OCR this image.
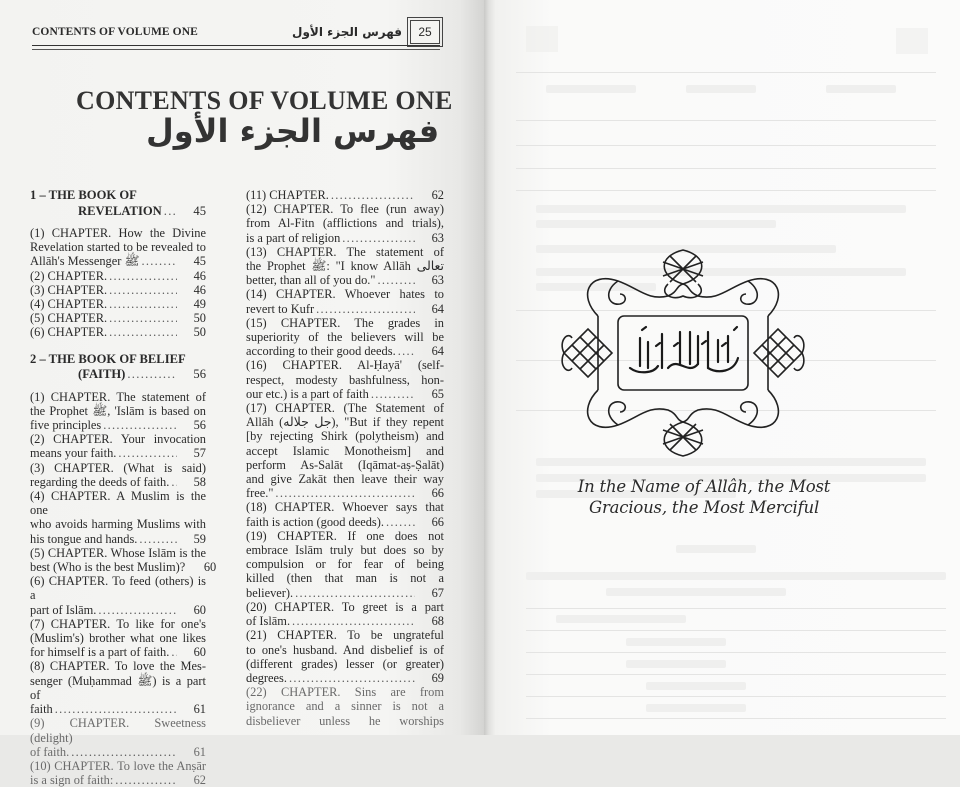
CONTENTS OF VOLUME ONE	فهرس الجزء الأول	25
CONTENTS OF VOLUME ONE
فهرس الجزء الأول
1 – THE BOOK OF
REVELATION .....	45
(1) CHAPTER. How the Divine
Revelation started to be revealed to
Allāh's Messenger ﷺ .....	45
(2) CHAPTER. .....	46
(3) CHAPTER. .....	46
(4) CHAPTER. .....	49
(5) CHAPTER. .....	50
(6) CHAPTER. .....	50
2 – THE BOOK OF BELIEF
(FAITH) .....	56
(1) CHAPTER. The statement of
the Prophet ﷺ, 'Islām is based on
five principles .....	56
(2) CHAPTER. Your invocation
means your faith. .....	57
(3) CHAPTER. (What is said)
regarding the deeds of faith. .....	58
(4) CHAPTER. A Muslim is the one
who avoids harming Muslims with
his tongue and hands. .....	59
(5) CHAPTER. Whose Islām is the
best (Who is the best Muslim)?	60
(6) CHAPTER. To feed (others) is a
part of Islām. .....	60
(7) CHAPTER. To like for one's
(Muslim's) brother what one likes
for himself is a part of faith. .....	60
(8) CHAPTER. To love the Mes-
senger (Muḥammad ﷺ) is a part of
faith .....	61
(9) CHAPTER. Sweetness (delight)
of faith. .....	61
(10) CHAPTER. To love the Anṣār
is a sign of faith: .....	62
(11) CHAPTER. .....	62
(12) CHAPTER. To flee (run away)
from Al-Fitn (afflictions and trials),
is a part of religion .....	63
(13) CHAPTER. The statement of
the Prophet ﷺ: "I know Allāh تعالى
better, than all of you do." .....	63
(14) CHAPTER. Whoever hates to
revert to Kufr .....	64
(15) CHAPTER. The grades in
superiority of the believers will be
according to their good deeds. .....	64
(16) CHAPTER. Al-Ḥayā' (self-
respect, modesty bashfulness, hon-
our etc.) is a part of faith .....	65
(17) CHAPTER. (The Statement of
Allāh (جل جلاله), "But if they repent
[by rejecting Shirk (polytheism) and
accept Islamic Monotheism] and
perform As-Salāt (Iqāmat-aṣ-Ṣalāt)
and give Zakāt then leave their way
free." .....	66
(18) CHAPTER. Whoever says that
faith is action (good deeds). .....	66
(19) CHAPTER. If one does not
embrace Islām truly but does so by
compulsion or for fear of being
killed (then that man is not a
believer). .....	67
(20) CHAPTER. To greet is a part
of Islām. .....	68
(21) CHAPTER. To be ungrateful
to one's husband. And disbelief is of
(different grades) lesser (or greater)
degrees. .....	69
(22) CHAPTER. Sins are from
ignorance and a sinner is not a
disbeliever unless he worships
In the Name of Allâh, the Most
Gracious, the Most Merciful
